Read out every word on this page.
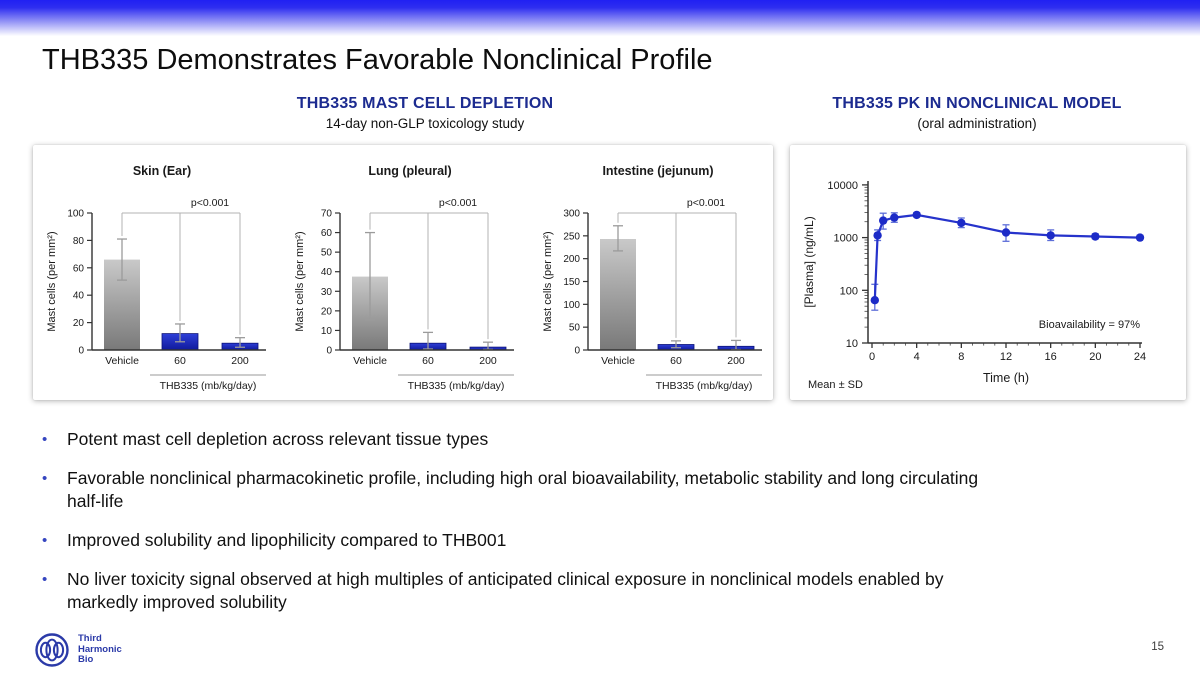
THB335 Demonstrates Favorable Nonclinical Profile
THB335 MAST CELL DEPLETION
14-day non-GLP toxicology study
THB335 PK IN NONCLINICAL MODEL
(oral administration)
Skin (Ear)
Mast cells (per mm²)
0
20
40
60
80
100
p<0.001
Vehicle	60	200
THB335 (mb/kg/day)
Lung (pleural)
Mast cells (per mm²)
0
10
20
30
40
50
60
70
p<0.001
Vehicle	60	200
THB335 (mb/kg/day)
Intestine (jejunum)
Mast cells (per mm²)
0
50
100
150
200
250
300
p<0.001
Vehicle	60	200
THB335 (mb/kg/day)
10
100
1000
10000
0	4	8	12	16	20	24
[Plasma] (ng/mL)
Time (h)
Bioavailability = 97%
Mean ± SD
•	Potent mast cell depletion across relevant tissue types
•	Favorable nonclinical pharmacokinetic profile, including high oral bioavailability, metabolic stability and long circulating half-life
•	Improved solubility and lipophilicity compared to THB001
•	No liver toxicity signal observed at high multiples of anticipated clinical exposure in nonclinical models enabled by markedly improved solubility
Third
Harmonic
Bio
15
